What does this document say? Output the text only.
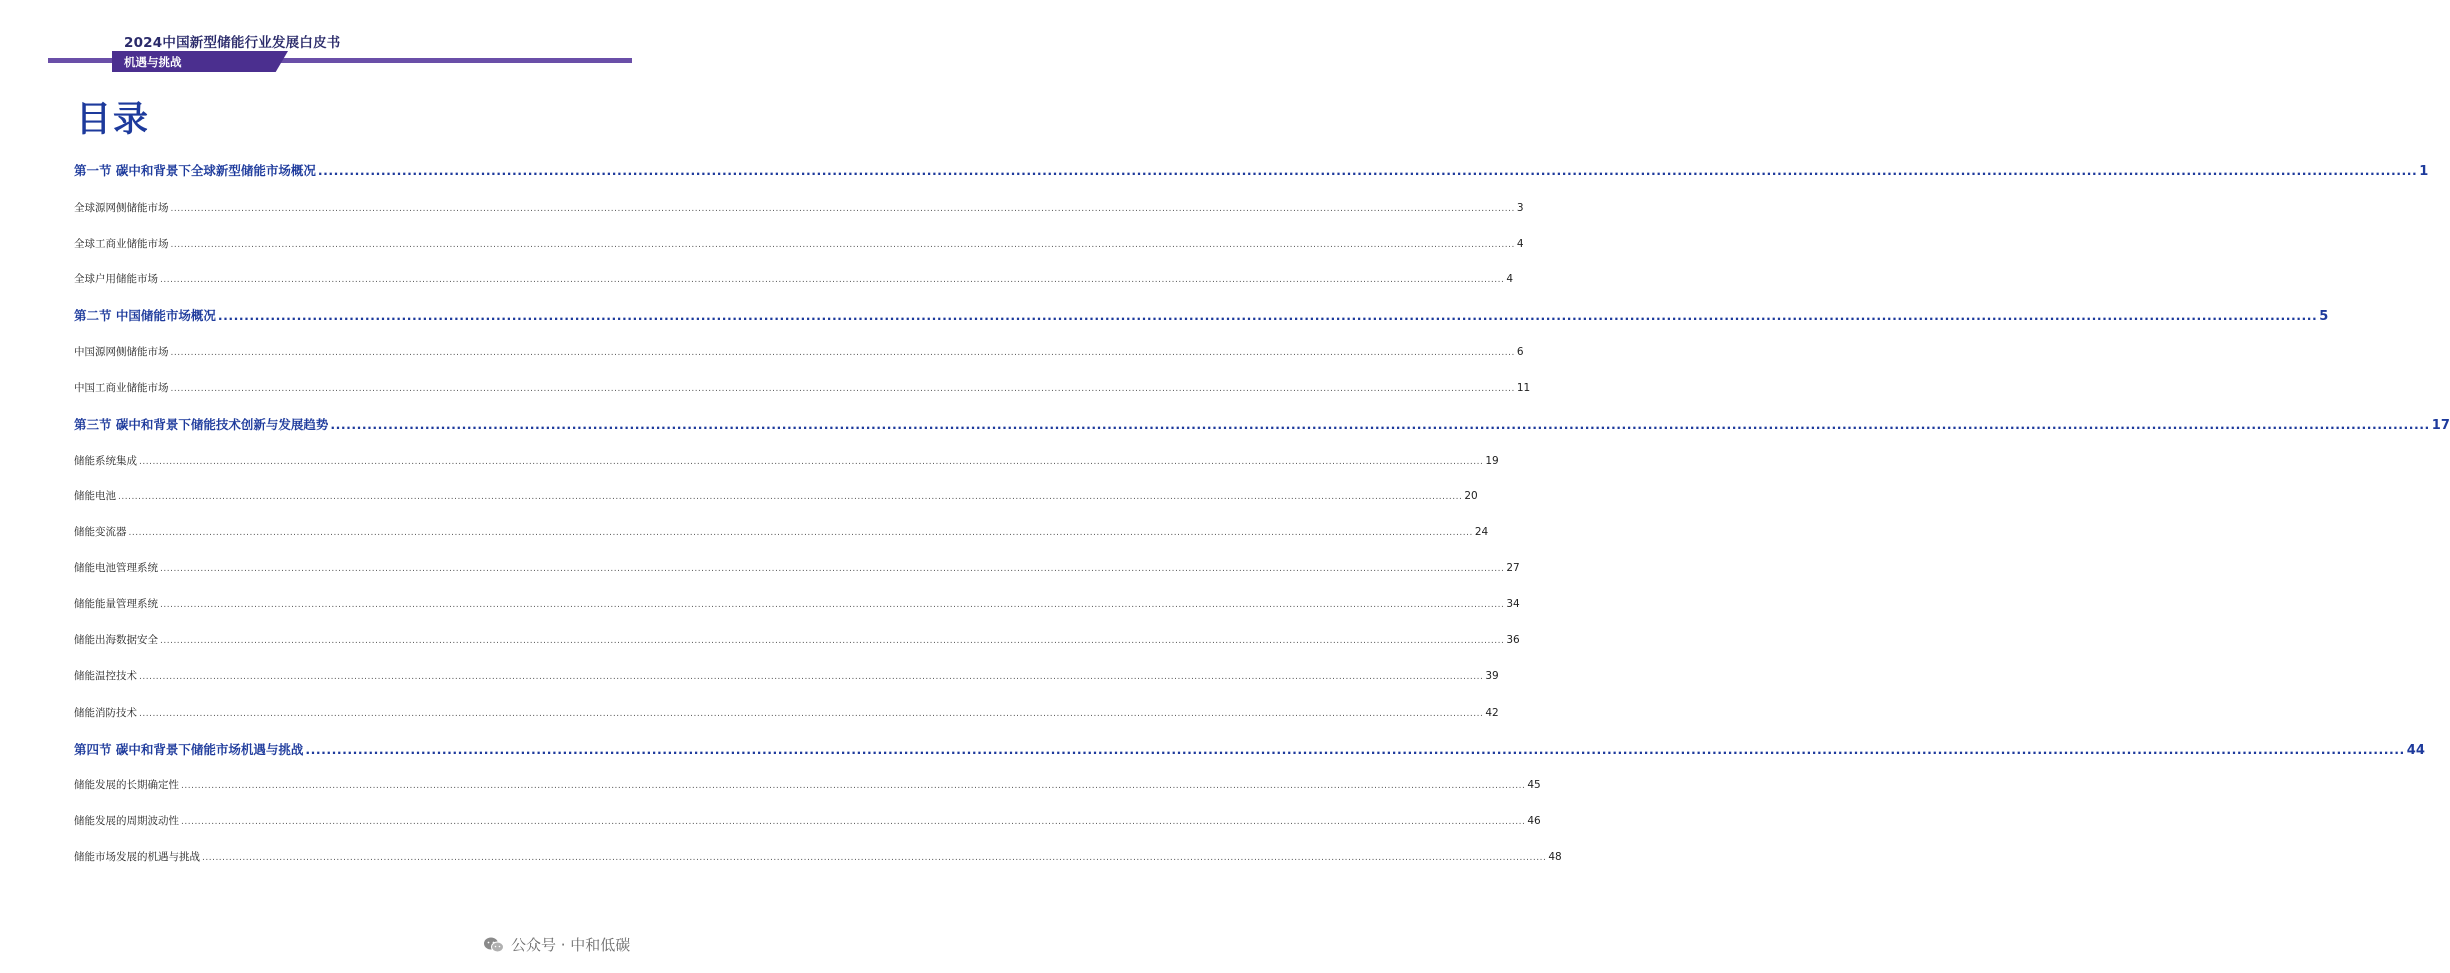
2024中国新型储能行业发展白皮书
机遇与挑战
目录
第一节 碳中和背景下全球新型储能市场概况 ................................................................................................................................................................................................................................................................................................................................................................................................................ 1
全球源网侧储能市场 ................................................................................................................................................................................................................................................................................................................................................................................................................ 3
全球工商业储能市场 ................................................................................................................................................................................................................................................................................................................................................................................................................ 4
全球户用储能市场 ................................................................................................................................................................................................................................................................................................................................................................................................................ 4
第二节 中国储能市场概况 ................................................................................................................................................................................................................................................................................................................................................................................................................ 5
中国源网侧储能市场 ................................................................................................................................................................................................................................................................................................................................................................................................................ 6
中国工商业储能市场 ................................................................................................................................................................................................................................................................................................................................................................................................................ 11
第三节 碳中和背景下储能技术创新与发展趋势 ................................................................................................................................................................................................................................................................................................................................................................................................................ 17
储能系统集成 ................................................................................................................................................................................................................................................................................................................................................................................................................ 19
储能电池 ................................................................................................................................................................................................................................................................................................................................................................................................................ 20
储能变流器 ................................................................................................................................................................................................................................................................................................................................................................................................................ 24
储能电池管理系统 ................................................................................................................................................................................................................................................................................................................................................................................................................ 27
储能能量管理系统 ................................................................................................................................................................................................................................................................................................................................................................................................................ 34
储能出海数据安全 ................................................................................................................................................................................................................................................................................................................................................................................................................ 36
储能温控技术 ................................................................................................................................................................................................................................................................................................................................................................................................................ 39
储能消防技术 ................................................................................................................................................................................................................................................................................................................................................................................................................ 42
第四节 碳中和背景下储能市场机遇与挑战 ................................................................................................................................................................................................................................................................................................................................................................................................................ 44
储能发展的长期确定性 ................................................................................................................................................................................................................................................................................................................................................................................................................ 45
储能发展的周期波动性 ................................................................................................................................................................................................................................................................................................................................................................................................................ 46
储能市场发展的机遇与挑战 ................................................................................................................................................................................................................................................................................................................................................................................................................ 48
公众号 · 中和低碳
